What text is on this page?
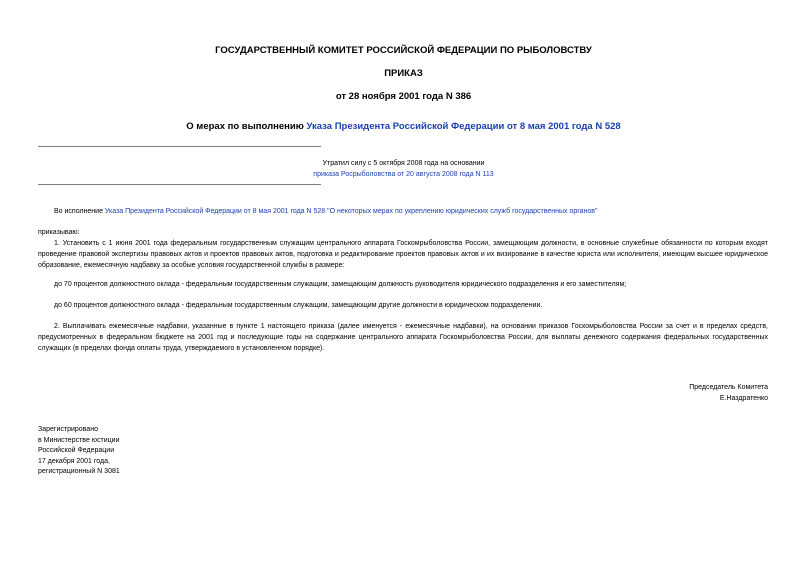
ГОСУДАРСТВЕННЫЙ КОМИТЕТ РОССИЙСКОЙ ФЕДЕРАЦИИ ПО РЫБОЛОВСТВУ

ПРИКАЗ

от 28 ноября 2001 года N 386

О мерах по выполнению Указа Президента Российской Федерации от 8 мая 2001 года N 528

Утратил силу с 5 октября 2008 года на основании
приказа Росрыболовства от 20 августа 2008 года N 113

Во исполнение Указа Президента Российской Федерации от 8 мая 2001 года N 528 "О некоторых мерах по укреплению юридических служб государственных органов"

приказываю:

1. Установить с 1 июня 2001 года федеральным государственным служащим центрального аппарата Госкомрыболовства России, замещающим должности, в основные служебные обязанности по которым входят проведение правовой экспертизы правовых актов и проектов правовых актов, подготовка и редактирование проектов правовых актов и их визирование в качестве юриста или исполнителя, имеющим высшее юридическое образование, ежемесячную надбавку за особые условия государственной службы в размере:

до 70 процентов должностного оклада - федеральным государственным служащим, замещающим должность руководителя юридического подразделения и его заместителям;

до 60 процентов должностного оклада - федеральным государственным служащим, замещающим другие должности в юридическом подразделении.

2. Выплачивать ежемесячные надбавки, указанные в пункте 1 настоящего приказа (далее именуется - ежемесячные надбавки), на основании приказов Госкомрыболовства России за счет и в пределах средств, предусмотренных в федеральном бюджете на 2001 год и последующие годы на содержание центрального аппарата Госкомрыболовства России, для выплаты денежного содержания федеральных государственных служащих (в пределах фонда оплаты труда, утверждаемого в установленном порядке).

Председатель Комитета
Е.Наздратенко

Зарегистрировано
в Министерстве юстиции
Российской Федерации
17 декабря 2001 года,
регистрационный N 3081
